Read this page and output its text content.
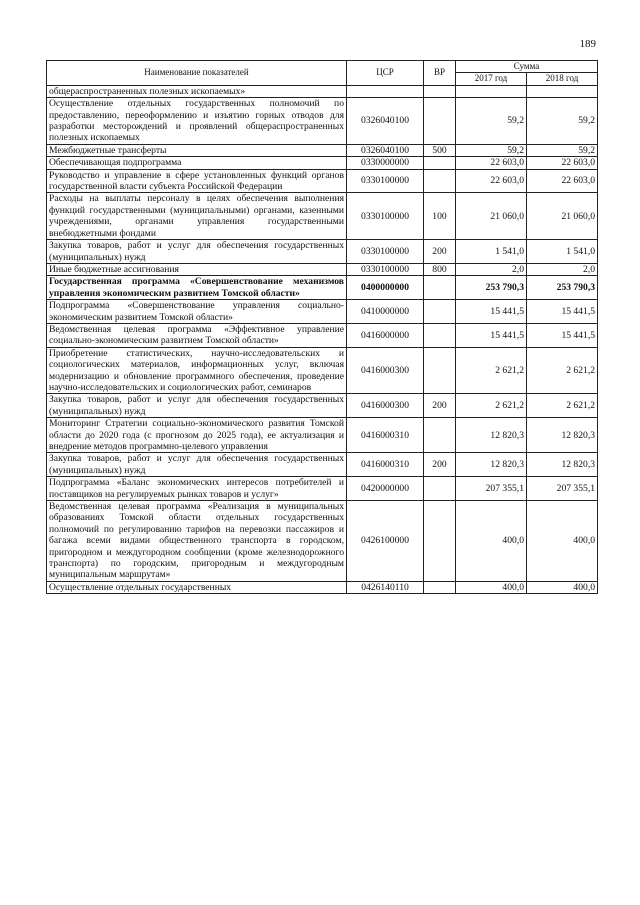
189
Наименование показателей	ЦСР	ВР	Сумма	
			2017 год	2018 год
общераспространенных полезных ископаемых»				
Осуществление отдельных государственных полномочий по предоставлению, переоформлению и изъятию горных отводов для разработки месторождений и проявлений общераспространенных полезных ископаемых	0326040100		59,2	59,2
Межбюджетные трансферты	0326040100	500	59,2	59,2
Обеспечивающая подпрограмма	0330000000		22 603,0	22 603,0
Руководство и управление в сфере установленных функций органов государственной власти субъекта Российской Федерации	0330100000		22 603,0	22 603,0
Расходы на выплаты персоналу в целях обеспечения выполнения функций государственными (муниципальными) органами, казенными учреждениями, органами управления государственными внебюджетными фондами	0330100000	100	21 060,0	21 060,0
Закупка товаров, работ и услуг для обеспечения государственных (муниципальных) нужд	0330100000	200	1 541,0	1 541,0
Иные бюджетные ассигнования	0330100000	800	2,0	2,0
Государственная программа «Совершенствование механизмов управления экономическим развитием Томской области»	0400000000		253 790,3	253 790,3
Подпрограмма «Совершенствование управления социально-экономическим развитием Томской области»	0410000000		15 441,5	15 441,5
Ведомственная целевая программа «Эффективное управление социально-экономическим развитием Томской области»	0416000000		15 441,5	15 441,5
Приобретение статистических, научно-исследовательских и социологических материалов, информационных услуг, включая модернизацию и обновление программного обеспечения, проведение научно-исследовательских и социологических работ, семинаров	0416000300		2 621,2	2 621,2
Закупка товаров, работ и услуг для обеспечения государственных (муниципальных) нужд	0416000300	200	2 621,2	2 621,2
Мониторинг Стратегии социально-экономического развития Томской области до 2020 года (с прогнозом до 2025 года), ее актуализация и внедрение методов программно-целевого управления	0416000310		12 820,3	12 820,3
Закупка товаров, работ и услуг для обеспечения государственных (муниципальных) нужд	0416000310	200	12 820,3	12 820,3
Подпрограмма «Баланс экономических интересов потребителей и поставщиков на регулируемых рынках товаров и услуг»	0420000000		207 355,1	207 355,1
Ведомственная целевая программа «Реализация в муниципальных образованиях Томской области отдельных государственных полномочий по регулированию тарифов на перевозки пассажиров и багажа всеми видами общественного транспорта в городском, пригородном и междугородном сообщении (кроме железнодорожного транспорта) по городским, пригородным и междугородным муниципальным маршрутам»	0426100000		400,0	400,0
Осуществление отдельных государственных	0426140110		400,0	400,0
